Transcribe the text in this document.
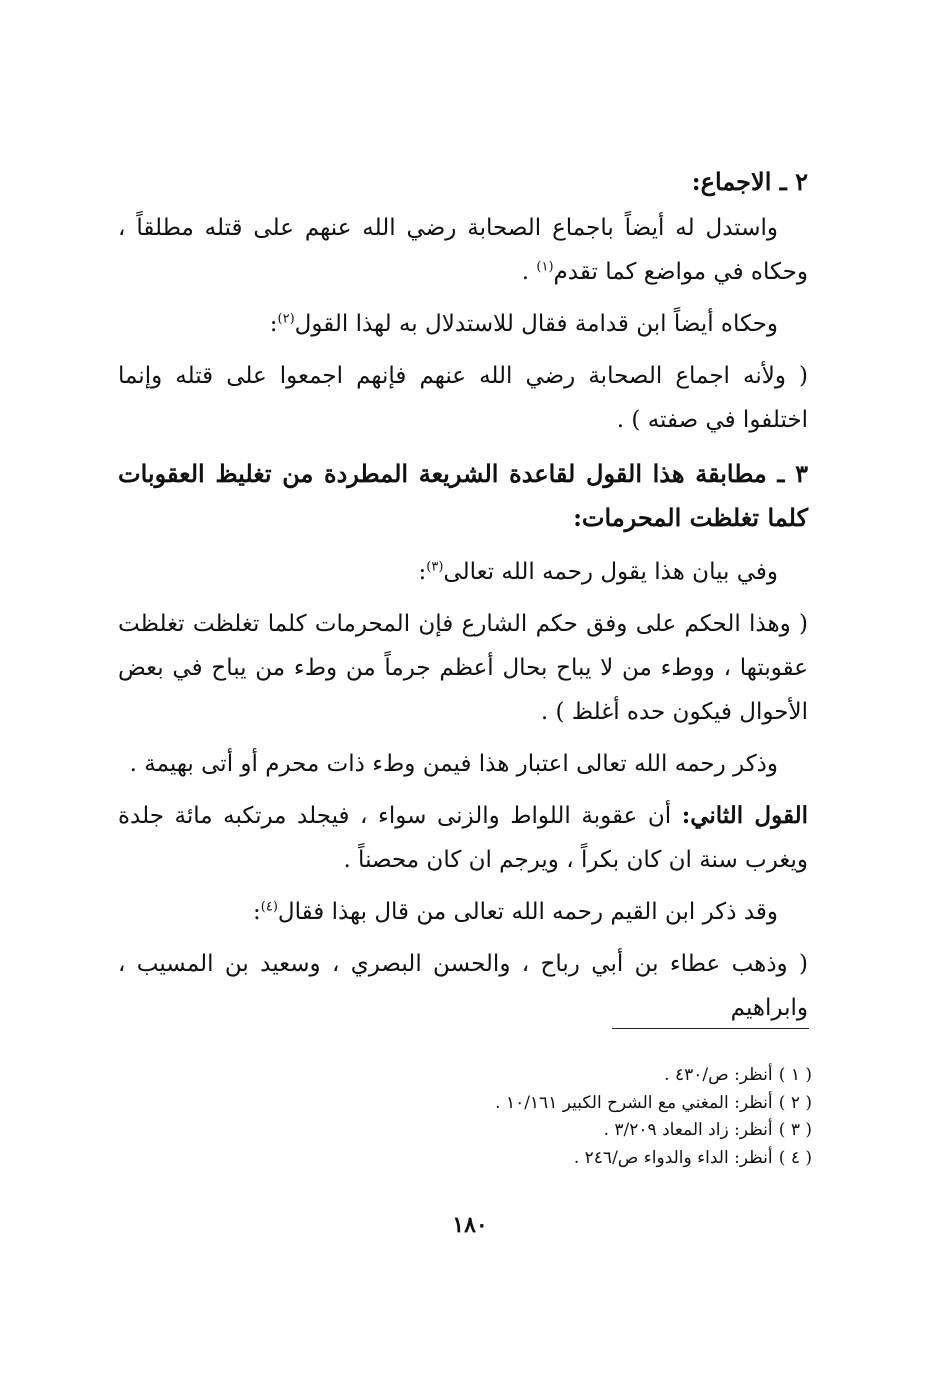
٢ ـ الاجماع:

واستدل له أيضاً باجماع الصحابة رضي الله عنهم على قتله مطلقاً ، وحكاه في مواضع كما تقدم$^{(١)}$ .

وحكاه أيضاً ابن قدامة فقال للاستدلال به لهذا القول$^{(٢)}$:

( ولأنه اجماع الصحابة رضي الله عنهم فإنهم اجمعوا على قتله وإنما اختلفوا في صفته ) .

٣ ـ مطابقة هذا القول لقاعدة الشريعة المطردة من تغليظ العقوبات كلما تغلظت المحرمات:

وفي بيان هذا يقول رحمه الله تعالى$^{(٣)}$:

( وهذا الحكم على وفق حكم الشارع فإن المحرمات كلما تغلظت تغلظت عقوبتها ، ووطء من لا يباح بحال أعظم جرماً من وطء من يباح في بعض الأحوال فيكون حده أغلظ ) .

وذكر رحمه الله تعالى اعتبار هذا فيمن وطء ذات محرم أو أتى بهيمة .

القول الثاني: أن عقوبة اللواط والزنى سواء ، فيجلد مرتكبه مائة جلدة ويغرب سنة ان كان بكراً ، ويرجم ان كان محصناً .

وقد ذكر ابن القيم رحمه الله تعالى من قال بهذا فقال$^{(٤)}$:

( وذهب عطاء بن أبي رباح ، والحسن البصري ، وسعيد بن المسيب ، وابراهيم

( ١ ) أنظر: ص/٤٣٠ .
( ٢ ) أنظر: المغني مع الشرح الكبير ١٠/١٦١ .
( ٣ ) أنظر: زاد المعاد ٣/٢٠٩ .
( ٤ ) أنظر: الداء والدواء ص/٢٤٦ .
١٨٠
